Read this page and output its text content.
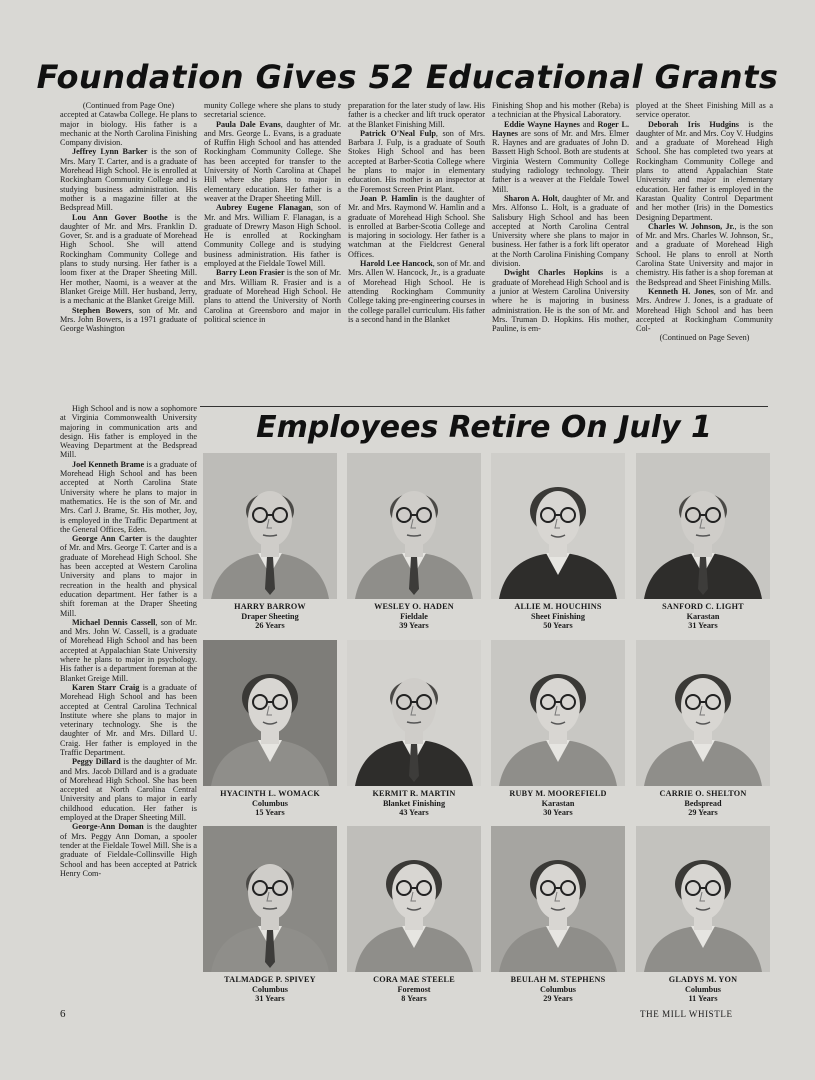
Foundation Gives 52 Educational Grants

(Continued from Page One)

accepted at Catawba College. He plans to major in biology. His father is a mechanic at the North Carolina Finishing Company division.

Jeffrey Lynn Barker is the son of Mrs. Mary T. Carter, and is a graduate of Morehead High School. He is enrolled at Rockingham Community College and is studying business administration. His mother is a magazine filler at the Bedspread Mill.

Lou Ann Gover Boothe is the daughter of Mr. and Mrs. Franklin D. Gover, Sr. and is a graduate of Morehead High School. She will attend Rockingham Community College and plans to study nursing. Her father is a loom fixer at the Draper Sheeting Mill. Her mother, Naomi, is a weaver at the Blanket Greige Mill. Her husband, Jerry, is a mechanic at the Blanket Greige Mill.

Stephen Bowers, son of Mr. and Mrs. John Bowers, is a 1971 graduate of George Washington

munity College where she plans to study secretarial science.

Paula Dale Evans, daughter of Mr. and Mrs. George L. Evans, is a graduate of Ruffin High School and has attended Rockingham Community College. She has been accepted for transfer to the University of North Carolina at Chapel Hill where she plans to major in elementary education. Her father is a weaver at the Draper Sheeting Mill.

Aubrey Eugene Flanagan, son of Mr. and Mrs. William F. Flanagan, is a graduate of Drewry Mason High School. He is enrolled at Rockingham Community College and is studying business administration. His father is employed at the Fieldale Towel Mill.

Barry Leon Frasier is the son of Mr. and Mrs. William R. Frasier and is a graduate of Morehead High School. He plans to attend the University of North Carolina at Greensboro and major in political science in

preparation for the later study of law. His father is a checker and lift truck operator at the Blanket Finishing Mill.

Patrick O'Neal Fulp, son of Mrs. Barbara J. Fulp, is a graduate of South Stokes High School and has been accepted at Barber-Scotia College where he plans to major in elementary education. His mother is an inspector at the Foremost Screen Print Plant.

Joan P. Hamlin is the daughter of Mr. and Mrs. Raymond W. Hamlin and a graduate of Morehead High School. She is enrolled at Barber-Scotia College and is majoring in sociology. Her father is a watchman at the Fieldcrest General Offices.

Harold Lee Hancock, son of Mr. and Mrs. Allen W. Hancock, Jr., is a graduate of Morehead High School. He is attending Rockingham Community College taking pre-engineering courses in the college parallel curriculum. His father is a second hand in the Blanket

Finishing Shop and his mother (Reba) is a technician at the Physical Laboratory.

Eddie Wayne Haynes and Roger L. Haynes are sons of Mr. and Mrs. Elmer R. Haynes and are graduates of John D. Bassett High School. Both are students at Virginia Western Community College studying radiology technology. Their father is a weaver at the Fieldale Towel Mill.

Sharon A. Holt, daughter of Mr. and Mrs. Alfonso L. Holt, is a graduate of Salisbury High School and has been accepted at North Carolina Central University where she plans to major in business. Her father is a fork lift operator at the North Carolina Finishing Company division.

Dwight Charles Hopkins is a graduate of Morehead High School and is a junior at Western Carolina University where he is majoring in business administration. He is the son of Mr. and Mrs. Truman D. Hopkins. His mother, Pauline, is em-

ployed at the Sheet Finishing Mill as a service operator.

Deborah Iris Hudgins is the daughter of Mr. and Mrs. Coy V. Hudgins and a graduate of Morehead High School. She has completed two years at Rockingham Community College and plans to attend Appalachian State University and major in elementary education. Her father is employed in the Karastan Quality Control Department and her mother (Iris) in the Domestics Designing Department.

Charles W. Johnson, Jr., is the son of Mr. and Mrs. Charles W. Johnson, Sr., and a graduate of Morehead High School. He plans to enroll at North Carolina State University and major in chemistry. His father is a shop foreman at the Bedspread and Sheet Finishing Mills.

Kenneth H. Jones, son of Mr. and Mrs. Andrew J. Jones, is a graduate of Morehead High School and has been accepted at Rockingham Community Col-

(Continued on Page Seven)

High School and is now a sophomore at Virginia Commonwealth University majoring in communication arts and design. His father is employed in the Weaving Department at the Bedspread Mill.

Joel Kenneth Brame is a graduate of Morehead High School and has been accepted at North Carolina State University where he plans to major in mathematics. He is the son of Mr. and Mrs. Carl J. Brame, Sr. His mother, Joy, is employed in the Traffic Department at the General Offices, Eden.

George Ann Carter is the daughter of Mr. and Mrs. George T. Carter and is a graduate of Morehead High School. She has been accepted at Western Carolina University and plans to major in recreation in the health and physical education department. Her father is a shift foreman at the Draper Sheeting Mill.

Michael Dennis Cassell, son of Mr. and Mrs. John W. Cassell, is a graduate of Morehead High School and has been accepted at Appalachian State University where he plans to major in psychology. His father is a department foreman at the Blanket Greige Mill.

Karen Starr Craig is a graduate of Morehead High School and has been accepted at Central Carolina Technical Institute where she plans to major in veterinary technology. She is the daughter of Mr. and Mrs. Dillard U. Craig. Her father is employed in the Traffic Department.

Peggy Dillard is the daughter of Mr. and Mrs. Jacob Dillard and is a graduate of Morehead High School. She has been accepted at North Carolina Central University and plans to major in early childhood education. Her father is employed at the Draper Sheeting Mill.

George-Ann Doman is the daughter of Mrs. Peggy Ann Doman, a spooler tender at the Fieldale Towel Mill. She is a graduate of Fieldale-Collinsville High School and has been accepted at Patrick Henry Com-

Employees Retire On July 1
HARRY BARROW
Draper Sheeting
26 Years
WESLEY O. HADEN
Fieldale
39 Years
ALLIE M. HOUCHINS
Sheet Finishing
50 Years
SANFORD C. LIGHT
Karastan
31 Years
HYACINTH L. WOMACK
Columbus
15 Years
KERMIT R. MARTIN
Blanket Finishing
43 Years
RUBY M. MOOREFIELD
Karastan
30 Years
CARRIE O. SHELTON
Bedspread
29 Years
TALMADGE P. SPIVEY
Columbus
31 Years
CORA MAE STEELE
Foremost
8 Years
BEULAH M. STEPHENS
Columbus
29 Years
GLADYS M. YON
Columbus
11 Years
6	THE MILL WHISTLE
